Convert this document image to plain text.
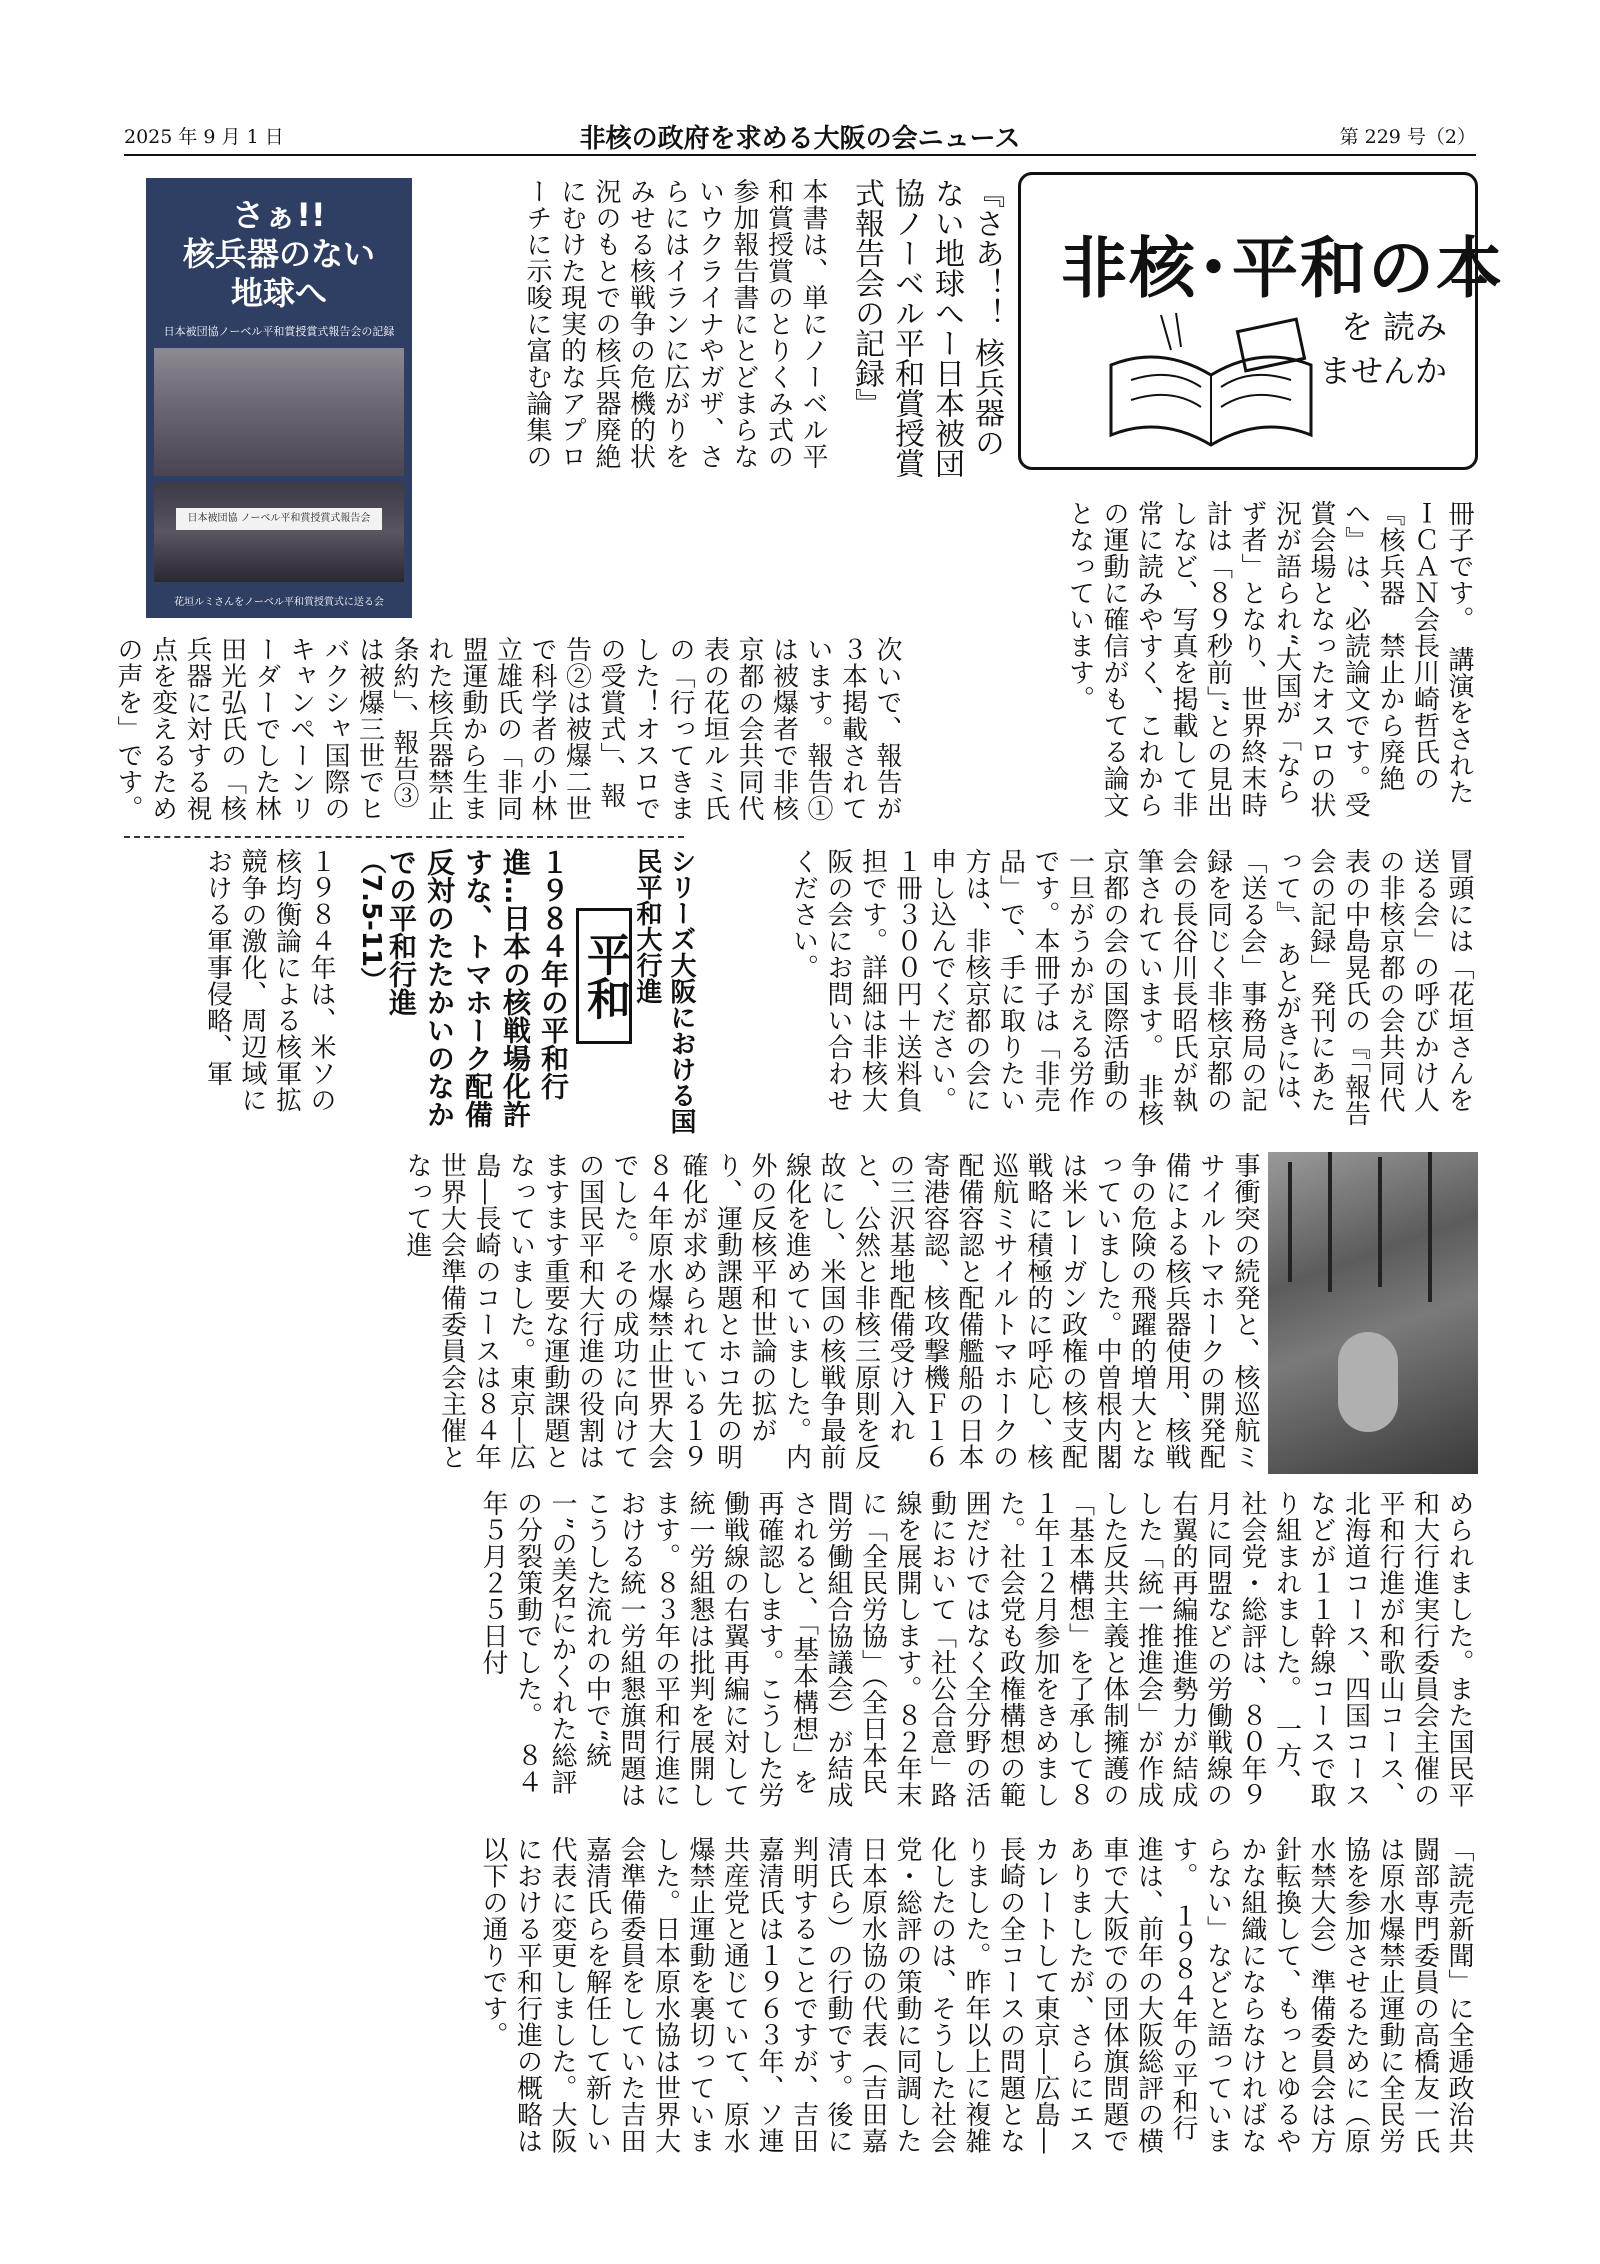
2025 年 9 月 1 日	非核の政府を求める大阪の会ニュース	第 229 号（2）
非核･平和の本
を 読み
ませんか
さぁ!!
核兵器のない
地球へ
日本被団協ノーベル平和賞授賞式報告会の記録
日本被団協 ノーベル平和賞授賞式報告会
花垣ルミさんをノーベル平和賞授賞式に送る会
『さあ！！ 核兵器のない地球へー日本被団協ノーベル平和賞授賞式報告会の記録』
本書は、単にノーベル平和賞授賞のとりくみ式の参加報告書にとどまらないウクライナやガザ、さらにはイランに広がりをみせる核戦争の危機的状況のもとでの核兵器廃絶にむけた現実的なアプローチに示唆に富む論集の
冊子です。　講演をされたＩＣＡＮ会長川崎哲氏の『核兵器　禁止から廃絶へ』は、必読論文です。受賞会場となったオスロの状況が語られ“大国が「ならず者」となり、世界終末時計は「８９秒前」”との見出しなど、写真を掲載して非常に読みやすく、これからの運動に確信がもてる論文となっています。
次いで、報告が３本掲載されています。報告①は被爆者で非核京都の会共同代表の花垣ルミ氏の「行ってきました！オスロでの受賞式」、報告②は被爆二世で科学者の小林立雄氏の「非同盟運動から生まれた核兵器禁止条約」、報告③は被爆三世でヒバクシャ国際のキャンペーンリーダーでした林田光弘氏の「核兵器に対する視点を変えるための声を」です。
冒頭には「花垣さんを送る会」の呼びかけ人の非核京都の会共同代表の中島晃氏の『「報告会の記録」発刊にあたって』、あとがきには、「送る会」事務局の記録を同じく非核京都の会の長谷川長昭氏が執筆されています。　非核京都の会の国際活動の一旦がうかがえる労作です。本冊子は「非売品」で、手に取りたい方は、非核京都の会に申し込んでください。１冊３００円＋送料負担です。詳細は非核大阪の会にお問い合わせください。
平和	シリーズ大阪における国民平和大行進
１９８４年の平和行進…日本の核戦場化許すな、トマホーク配備反対のたたかいのなかでの平和行進
（7.5-11）
１９８４年は、米ソの核均衡論による核軍拡競争の激化、周辺域における軍事侵略、軍
事衝突の続発と、核巡航ミサイルトマホークの開発配備による核兵器使用、核戦争の危険の飛躍的増大となっていました。中曽根内閣は米レーガン政権の核支配戦略に積極的に呼応し、核巡航ミサイルトマホークの配備容認と配備艦船の日本寄港容認、核攻撃機Ｆ１６の三沢基地配備受け入れと、公然と非核三原則を反故にし、米国の核戦争最前線化を進めていました。内外の反核平和世論の拡がり、運動課題とホコ先の明確化が求められている１９８４年原水爆禁止世界大会でした。その成功に向けての国民平和大行進の役割はますます重要な運動課題となっていました。東京―広島―長崎のコースは８４年世界大会準備委員会主催となって進
められました。また国民平和大行進実行委員会主催の平和行進が和歌山コース、北海道コース、四国コースなどが１１幹線コースで取り組まれました。　一方、社会党・総評は、８０年９月に同盟などの労働戦線の右翼的再編推進勢力が結成した「統一推進会」が作成した反共主義と体制擁護の「基本構想」を了承して８１年１２月参加をきめました。社会党も政権構想の範囲だけではなく全分野の活動において「社公合意」路線を展開します。８２年末に「全民労協」（全日本民間労働組合協議会）が結成されると、「基本構想」を再確認します。こうした労働戦線の右翼再編に対して統一労組懇は批判を展開します。８３年の平和行進における統一労組懇旗問題はこうした流れの中で“統一”の美名にかくれた総評の分裂策動でした。　８４年５月２５日付
「読売新聞」に全逓政治共闘部専門委員の高橋友一氏は原水爆禁止運動に全民労協を参加させるために（原水禁大会）準備委員会は方針転換して、もっとゆるやかな組織にならなければならない」などと語っています。　１９８４年の平和行進は、前年の大阪総評の横車で大阪での団体旗問題でありましたが、さらにエスカレートして東京―広島―長崎の全コースの問題となりました。昨年以上に複雑化したのは、そうした社会党・総評の策動に同調した日本原水協の代表（吉田嘉清氏ら）の行動です。後に判明することですが、吉田嘉清氏は１９６３年、ソ連共産党と通じていて、原水爆禁止運動を裏切っていました。日本原水協は世界大会準備委員をしていた吉田嘉清氏らを解任して新しい代表に変更しました。大阪における平和行進の概略は以下の通りです。
